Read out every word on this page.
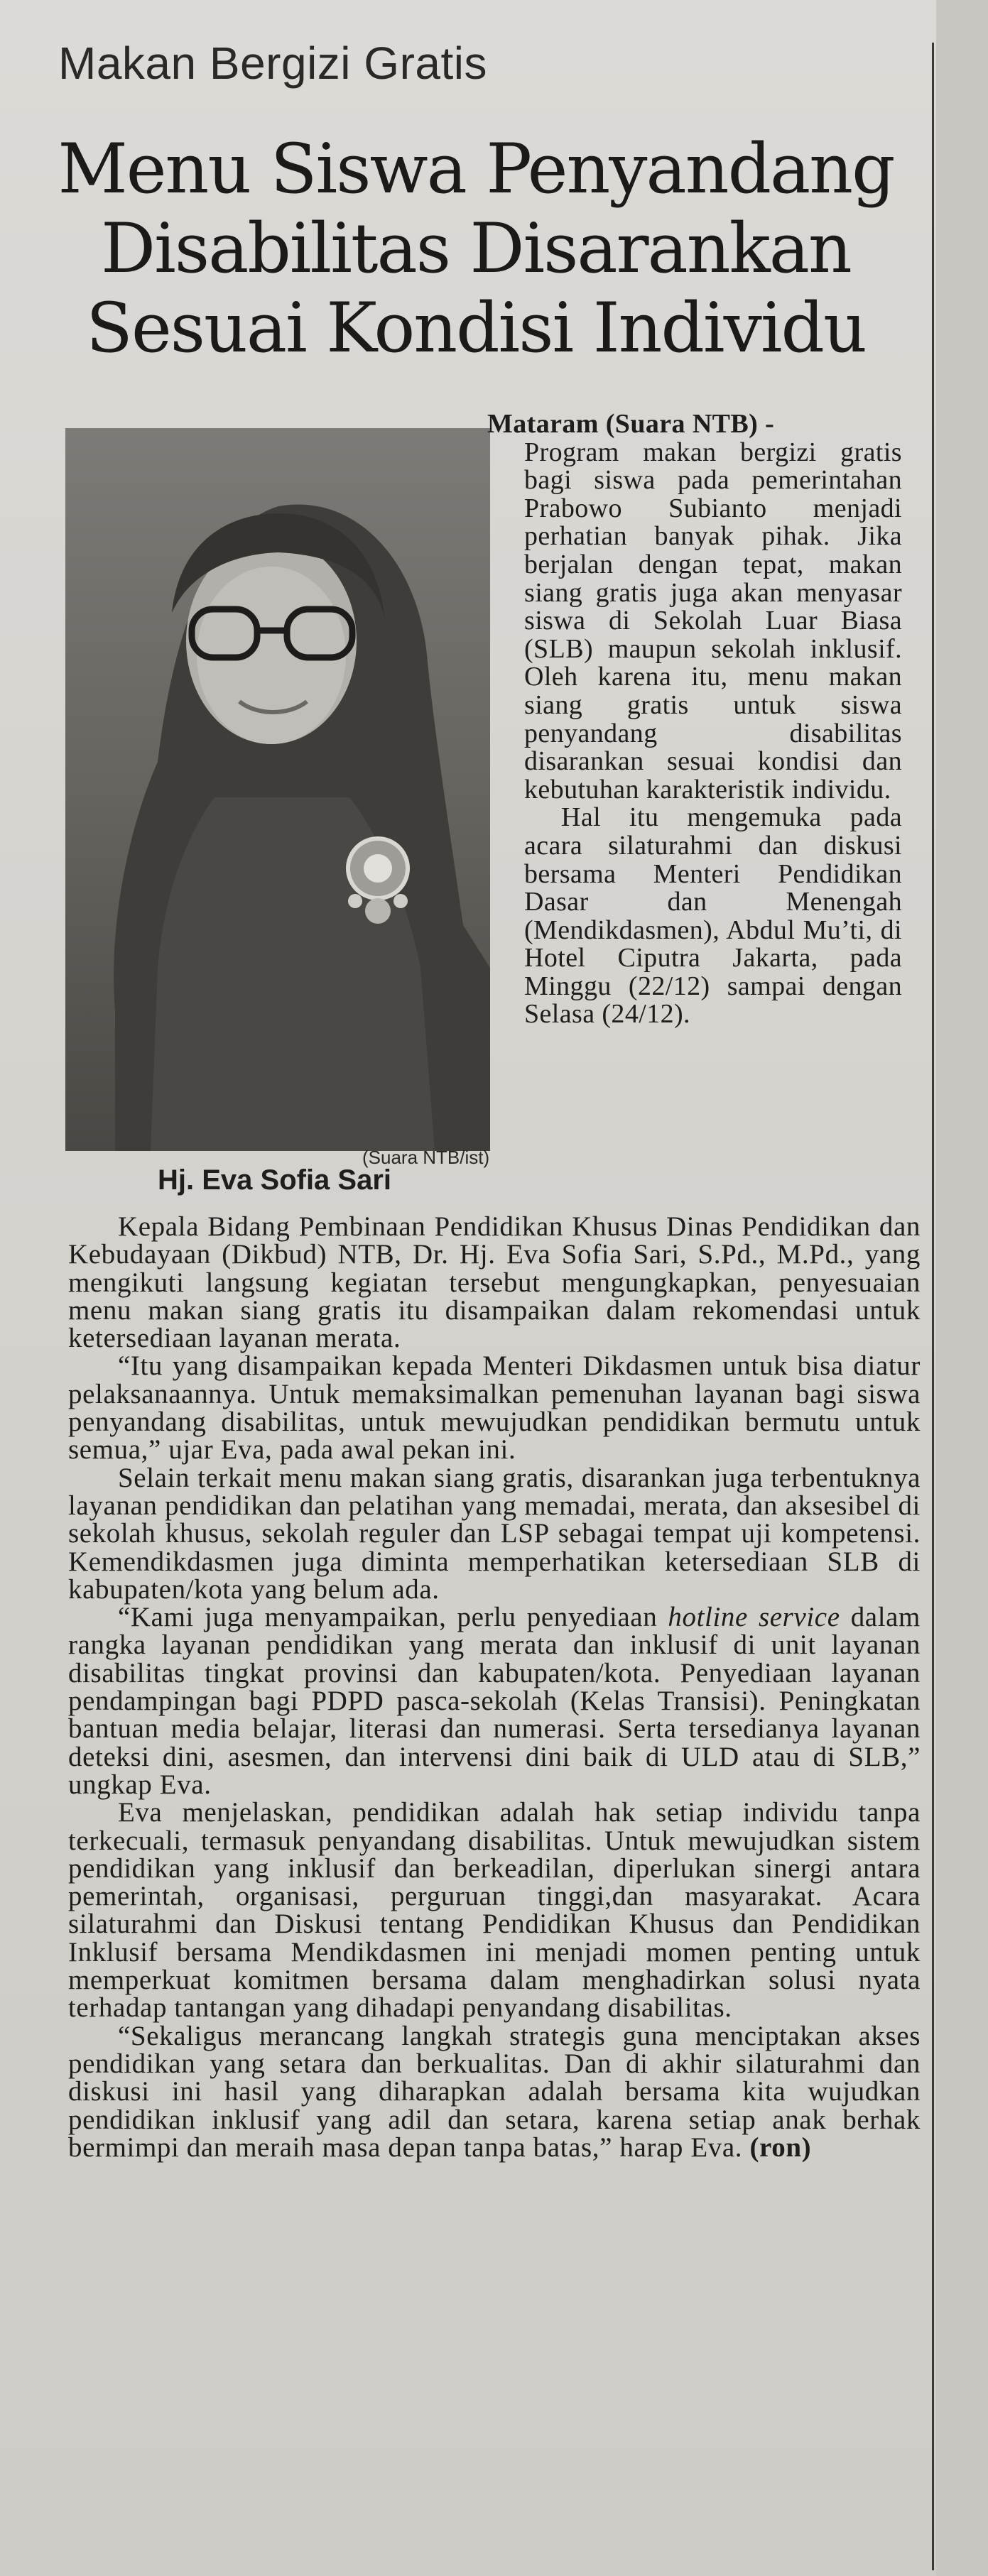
Makan Bergizi Gratis
Menu Siswa Penyandang Disabilitas Disarankan Sesuai Kondisi Individu
(Suara NTB/ist)
Hj. Eva Sofia Sari

Mataram (Suara NTB) -
Program makan bergizi gratis bagi siswa pada pemerintahan Prabowo Subianto menjadi perhatian banyak pihak. Jika berjalan dengan tepat, makan siang gratis juga akan menyasar siswa di Sekolah Luar Biasa (SLB) maupun sekolah inklusif. Oleh karena itu, menu makan siang gratis untuk siswa penyandang disabilitas disarankan sesuai kondisi dan kebutuhan karakteristik individu.

Hal itu mengemuka pada acara silaturahmi dan diskusi bersama Menteri Pendidikan Dasar dan Menengah (Mendikdasmen), Abdul Mu’ti, di Hotel Ciputra Jakarta, pada Minggu (22/12) sampai dengan Selasa (24/12).

Kepala Bidang Pembinaan Pendidikan Khusus Dinas Pendidikan dan Kebudayaan (Dikbud) NTB, Dr. Hj. Eva Sofia Sari, S.Pd., M.Pd., yang mengikuti langsung kegiatan tersebut mengungkapkan, penyesuaian menu makan siang gratis itu disampaikan dalam rekomendasi untuk ketersediaan layanan merata.

“Itu yang disampaikan kepada Menteri Dikdasmen untuk bisa diatur pelaksanaannya. Untuk memaksimalkan pemenuhan layanan bagi siswa penyandang disabilitas, untuk mewujudkan pendidikan bermutu untuk semua,” ujar Eva, pada awal pekan ini.

Selain terkait menu makan siang gratis, disarankan juga terbentuknya layanan pendidikan dan pelatihan yang memadai, merata, dan aksesibel di sekolah khusus, sekolah reguler dan LSP sebagai tempat uji kompetensi. Kemendikdasmen juga diminta memperhatikan ketersediaan SLB di kabupaten/kota yang belum ada.

“Kami juga menyampaikan, perlu penyediaan hotline service dalam rangka layanan pendidikan yang merata dan inklusif di unit layanan disabilitas tingkat provinsi dan kabupaten/kota. Penyediaan layanan pendampingan bagi PDPD pasca-sekolah (Kelas Transisi). Peningkatan bantuan media belajar, literasi dan numerasi. Serta tersedianya layanan deteksi dini, asesmen, dan intervensi dini baik di ULD atau di SLB,” ungkap Eva.

Eva menjelaskan, pendidikan adalah hak setiap individu tanpa terkecuali, termasuk penyandang disabilitas. Untuk mewujudkan sistem pendidikan yang inklusif dan berkeadilan, diperlukan sinergi antara pemerintah, organisasi, perguruan tinggi,dan masyarakat. Acara silaturahmi dan Diskusi tentang Pendidikan Khusus dan Pendidikan Inklusif bersama Mendikdasmen ini menjadi momen penting untuk memperkuat komitmen bersama dalam menghadirkan solusi nyata terhadap tantangan yang dihadapi penyandang disabilitas.

“Sekaligus merancang langkah strategis guna menciptakan akses pendidikan yang setara dan berkualitas. Dan di akhir silaturahmi dan diskusi ini hasil yang diharapkan adalah bersama kita wujudkan pendidikan inklusif yang adil dan setara, karena setiap anak berhak bermimpi dan meraih masa depan tanpa batas,” harap Eva. (ron)
